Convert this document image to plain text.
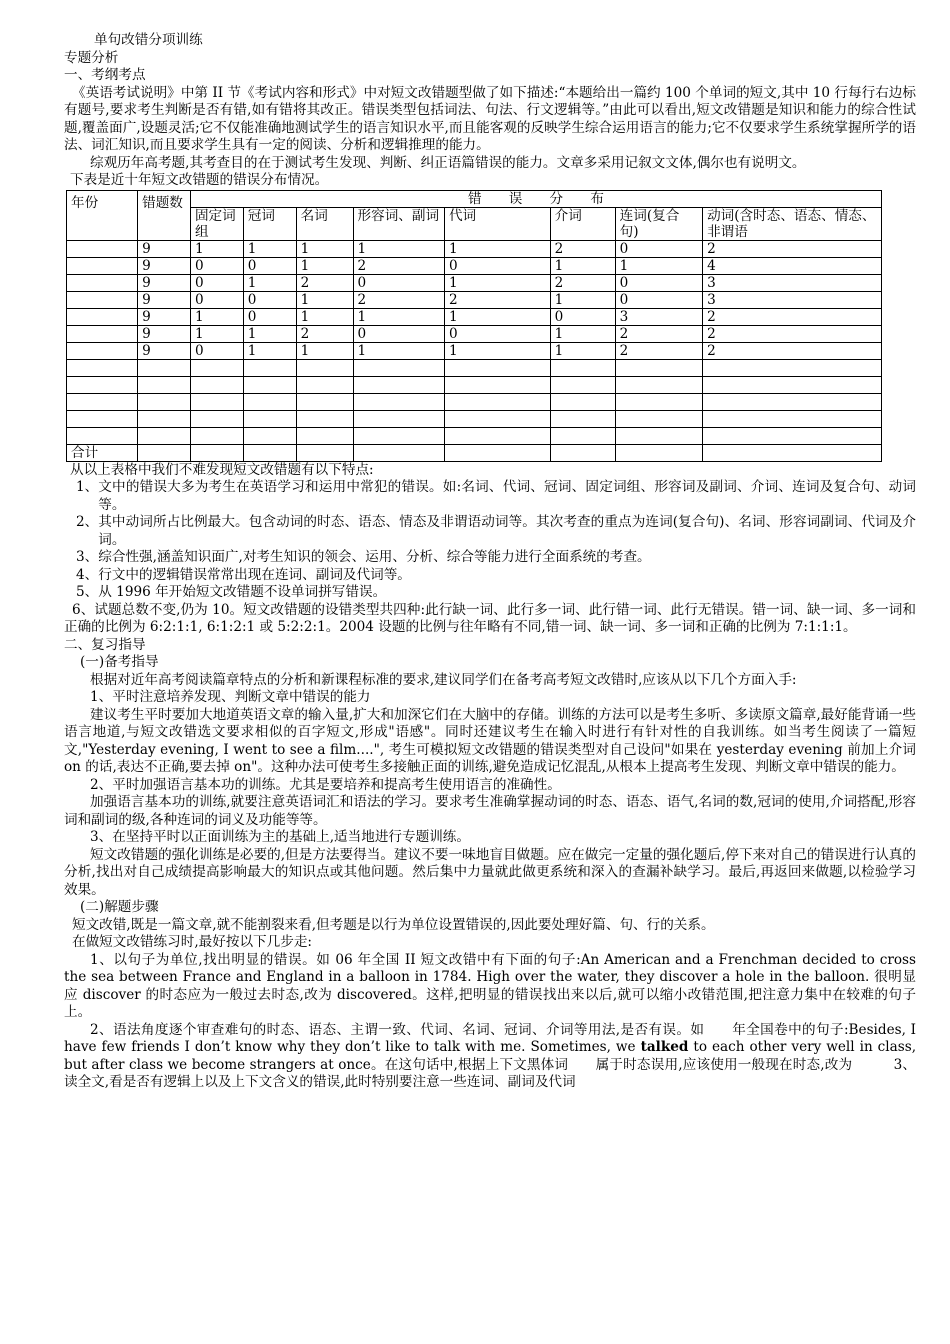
单句改错分项训练
专题分析
一、考纲考点

《英语考试说明》中第 II 节《考试内容和形式》中对短文改错题型做了如下描述:“本题给出一篇约 100 个单词的短文,其中 10 行每行右边标有题号,要求考生判断是否有错,如有错将其改正。错误类型包括词法、句法、行文逻辑等。”由此可以看出,短文改错题是知识和能力的综合性试题,覆盖面广,设题灵活;它不仅能准确地测试学生的语言知识水平,而且能客观的反映学生综合运用语言的能力;它不仅要求学生系统掌握所学的语法、词汇知识,而且要求学生具有一定的阅读、分析和逻辑推理的能力。

综观历年高考题,其考查目的在于测试考生发现、判断、纠正语篇错误的能力。文章多采用记叙文文体,偶尔也有说明文。

下表是近十年短文改错题的错误分布情况。
年份	错题数	错　　误　　分　　布							
		固定词组	冠词	名词	形容词、副词	代词	介词	连词(复合句)	动词(含时态、语态、情态、非谓语
	9	1	1	1	1	1	2	0	2
	9	0	0	1	2	0	1	1	4
	9	0	1	2	0	1	2	0	3
	9	0	0	1	2	2	1	0	3
	9	1	0	1	1	1	0	3	2
	9	1	1	2	0	0	1	2	2
	9	0	1	1	1	1	1	2	2

合计									
从以上表格中我们不难发现短文改错题有以下特点:
1、 文中的错误大多为考生在英语学习和运用中常犯的错误。如:名词、代词、冠词、固定词组、形容词及副词、介词、连词及复合句、动词等。
2、 其中动词所占比例最大。包含动词的时态、语态、情态及非谓语动词等。其次考查的重点为连词(复合句)、名词、形容词副词、代词及介词。
3、 综合性强,涵盖知识面广,对考生知识的领会、运用、分析、综合等能力进行全面系统的考查。
4、 行文中的逻辑错误常常出现在连词、副词及代词等。
5、 从 1996 年开始短文改错题不设单词拼写错误。

6、试题总数不变,仍为 10。短文改错题的设错类型共四种:此行缺一词、此行多一词、此行错一词、此行无错误。错一词、缺一词、多一词和正确的比例为 6:2:1:1, 6:1:2:1 或 5:2:2:1。2004 设题的比例与往年略有不同,错一词、缺一词、多一词和正确的比例为 7:1:1:1。

二、复习指导
(一)备考指导

根据对近年高考阅读篇章特点的分析和新课程标准的要求,建议同学们在备考高考短文改错时,应该从以下几个方面入手:

1、平时注意培养发现、判断文章中错误的能力

建议考生平时要加大地道英语文章的输入量,扩大和加深它们在大脑中的存储。训练的方法可以是考生多听、多读原文篇章,最好能背诵一些语言地道,与短文改错选文要求相似的百字短文,形成"语感"。同时还建议考生在输入时进行有针对性的自我训练。如当考生阅读了一篇短文,"Yesterday evening, I went to see a film....", 考生可模拟短文改错题的错误类型对自己设问"如果在 yesterday evening 前加上介词 on 的话,表达不正确,要去掉 on"。这种办法可使考生多接触正面的训练,避免造成记忆混乱,从根本上提高考生发现、判断文章中错误的能力。

2、平时加强语言基本功的训练。尤其是要培养和提高考生使用语言的准确性。

加强语言基本功的训练,就要注意英语词汇和语法的学习。要求考生准确掌握动词的时态、语态、语气,名词的数,冠词的使用,介词搭配,形容词和副词的级,各种连词的词义及功能等等。

3、在坚持平时以正面训练为主的基础上,适当地进行专题训练。

短文改错题的强化训练是必要的,但是方法要得当。建议不要一味地盲目做题。应在做完一定量的强化题后,停下来对自己的错误进行认真的分析,找出对自己成绩提高影响最大的知识点或其他问题。然后集中力量就此做更系统和深入的查漏补缺学习。最后,再返回来做题,以检验学习效果。

(二)解题步骤

短文改错,既是一篇文章,就不能割裂来看,但考题是以行为单位设置错误的,因此要处理好篇、句、行的关系。

在做短文改错练习时,最好按以下几步走:

1、以句子为单位,找出明显的错误。如 06 年全国 II 短文改错中有下面的句子:An American and a Frenchman decided to cross the sea between France and England in a balloon in 1784. High over the water, they discover a hole in the balloon. 很明显应 discover 的时态应为一般过去时态,改为 discovered。这样,把明显的错误找出来以后,就可以缩小改错范围,把注意力集中在较难的句子上。

2、语法角度逐个审查难句的时态、语态、主谓一致、代词、名词、冠词、介词等用法,是否有误。如　　年全国卷中的句子:Besides, I have few friends I don’t know why they don’t like to talk with me. Sometimes, we talked to each other very well in class, but after class we become strangers at once。在这句话中,根据上下文黑体词　　属于时态误用,应该使用一般现在时态,改为　　　3、读全文,看是否有逻辑上以及上下文含义的错误,此时特别要注意一些连词、副词及代词
